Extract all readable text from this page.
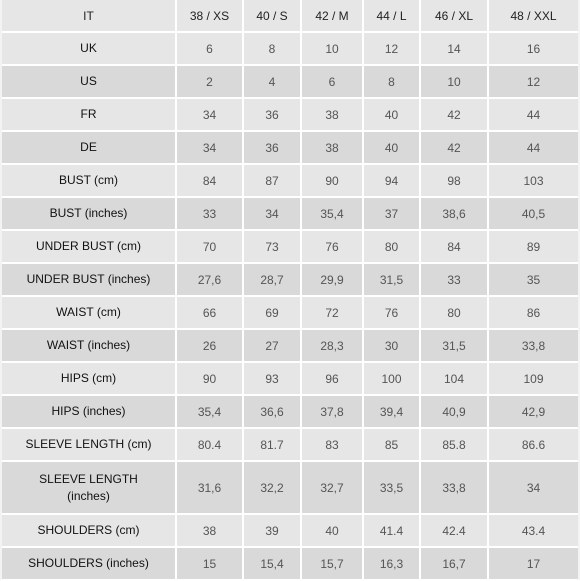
IT	38 / XS	40 / S	42 / M	44 / L	46 / XL	48 / XXL
UK	6	8	10	12	14	16
US	2	4	6	8	10	12
FR	34	36	38	40	42	44
DE	34	36	38	40	42	44
BUST (cm)	84	87	90	94	98	103
BUST (inches)	33	34	35,4	37	38,6	40,5
UNDER BUST (cm)	70	73	76	80	84	89
UNDER BUST (inches)	27,6	28,7	29,9	31,5	33	35
WAIST (cm)	66	69	72	76	80	86
WAIST (inches)	26	27	28,3	30	31,5	33,8
HIPS (cm)	90	93	96	100	104	109
HIPS (inches)	35,4	36,6	37,8	39,4	40,9	42,9
SLEEVE LENGTH (cm)	80.4	81.7	83	85	85.8	86.6
SLEEVE LENGTH
(inches)	31,6	32,2	32,7	33,5	33,8	34
SHOULDERS (cm)	38	39	40	41.4	42.4	43.4
SHOULDERS (inches)	15	15,4	15,7	16,3	16,7	17
